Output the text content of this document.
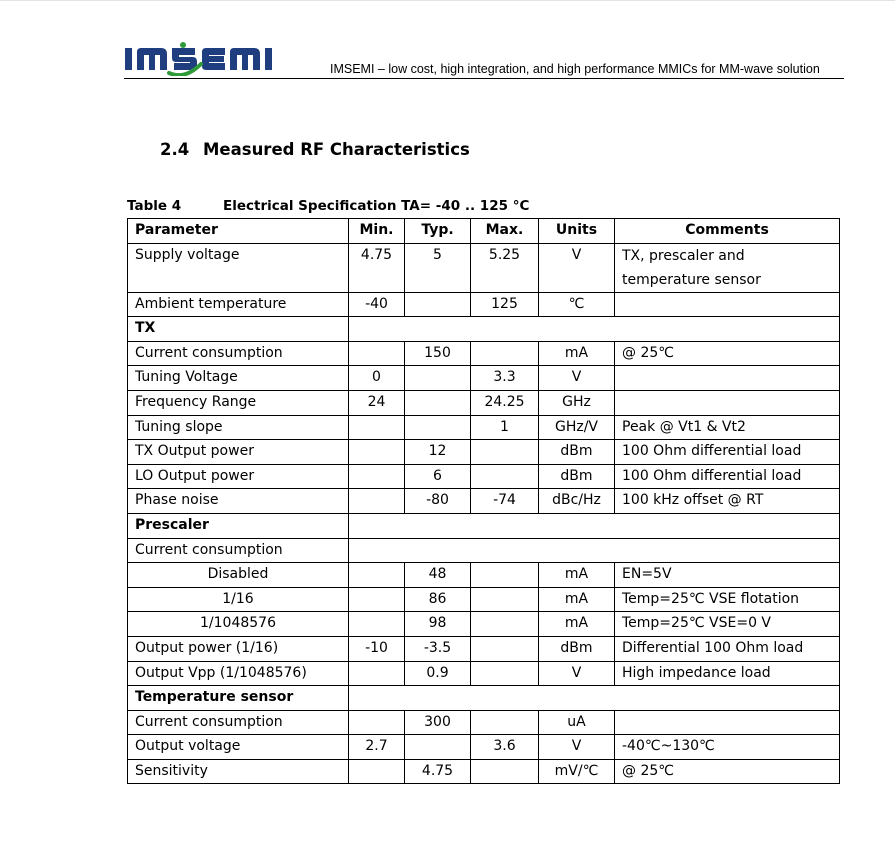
IMSEMI – low cost, high integration, and high performance MMICs for MM-wave solution
2.4 Measured RF Characteristics
Table 4	Electrical Specification TA= -40 .. 125 °C
Parameter	Min.	Typ.	Max.	Units	Comments
Supply voltage	4.75	5	5.25	V	TX, prescaler and temperature sensor
Ambient temperature	-40		125	℃	
TX					
Current consumption		150		mA	@ 25℃
Tuning Voltage	0		3.3	V	
Frequency Range	24		24.25	GHz	
Tuning slope			1	GHz/V	Peak @ Vt1 & Vt2
TX Output power		12		dBm	100 Ohm differential load
LO Output power		6		dBm	100 Ohm differential load
Phase noise		-80	-74	dBc/Hz	100 kHz offset @ RT
Prescaler					
Current consumption					
Disabled		48		mA	EN=5V
1/16		86		mA	Temp=25℃ VSE flotation
1/1048576		98		mA	Temp=25℃ VSE=0 V
Output power (1/16)	-10	-3.5		dBm	Differential 100 Ohm load
Output Vpp (1/1048576)		0.9		V	High impedance load
Temperature sensor					
Current consumption		300		uA	
Output voltage	2.7		3.6	V	-40℃~130℃
Sensitivity		4.75		mV/℃	@ 25℃
